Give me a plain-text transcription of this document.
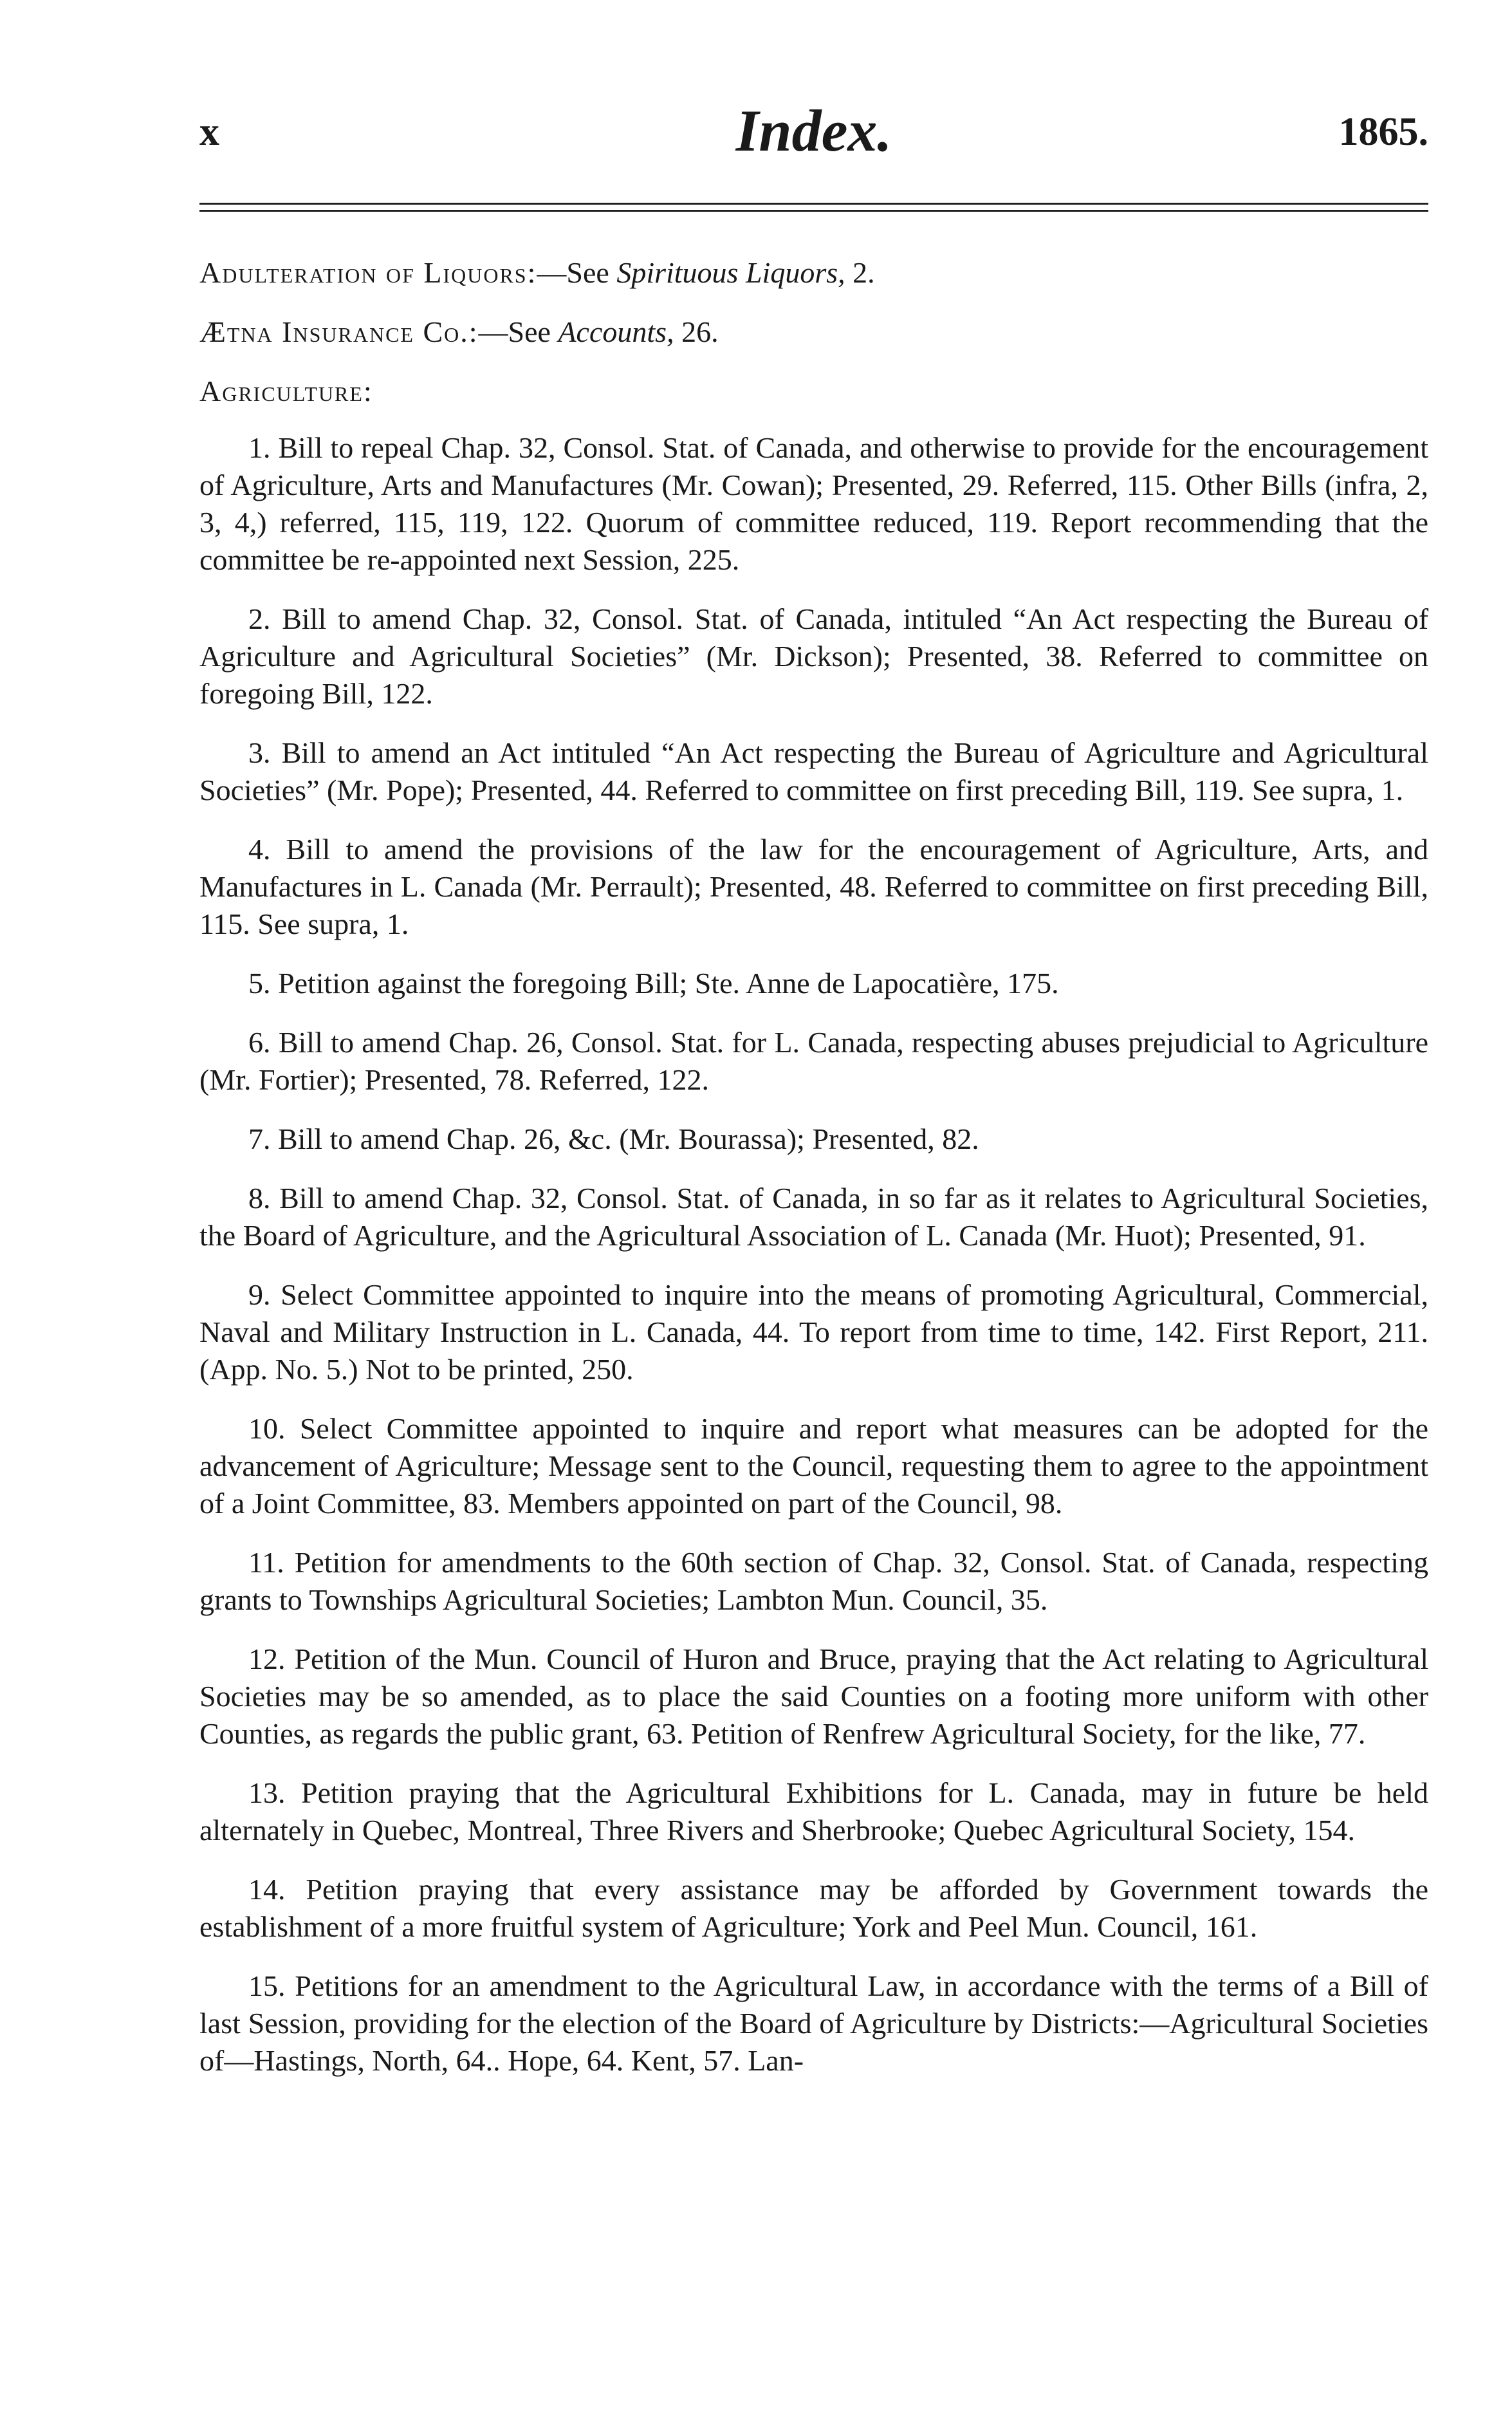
x	Index.	1865.

Adulteration of Liquors:—See Spirituous Liquors, 2.

Ætna Insurance Co.:—See Accounts, 26.

Agriculture:

1. Bill to repeal Chap. 32, Consol. Stat. of Canada, and otherwise to provide for the encouragement of Agriculture, Arts and Manufactures (Mr. Cowan); Presented, 29. Referred, 115. Other Bills (infra, 2, 3, 4,) referred, 115, 119, 122. Quorum of committee reduced, 119. Report recommending that the committee be re-appointed next Session, 225.

2. Bill to amend Chap. 32, Consol. Stat. of Canada, intituled “An Act respecting the Bureau of Agriculture and Agricultural Societies” (Mr. Dickson); Presented, 38. Referred to committee on foregoing Bill, 122.

3. Bill to amend an Act intituled “An Act respecting the Bureau of Agriculture and Agricultural Societies” (Mr. Pope); Presented, 44. Referred to committee on first preceding Bill, 119. See supra, 1.

4. Bill to amend the provisions of the law for the encouragement of Agriculture, Arts, and Manufactures in L. Canada (Mr. Perrault); Presented, 48. Referred to committee on first preceding Bill, 115. See supra, 1.

5. Petition against the foregoing Bill; Ste. Anne de Lapocatière, 175.

6. Bill to amend Chap. 26, Consol. Stat. for L. Canada, respecting abuses prejudicial to Agriculture (Mr. Fortier); Presented, 78. Referred, 122.

7. Bill to amend Chap. 26, &c. (Mr. Bourassa); Presented, 82.

8. Bill to amend Chap. 32, Consol. Stat. of Canada, in so far as it relates to Agricultural Societies, the Board of Agriculture, and the Agricultural Association of L. Canada (Mr. Huot); Presented, 91.

9. Select Committee appointed to inquire into the means of promoting Agricultural, Commercial, Naval and Military Instruction in L. Canada, 44. To report from time to time, 142. First Report, 211. (App. No. 5.) Not to be printed, 250.

10. Select Committee appointed to inquire and report what measures can be adopted for the advancement of Agriculture; Message sent to the Council, requesting them to agree to the appointment of a Joint Committee, 83. Members appointed on part of the Council, 98.

11. Petition for amendments to the 60th section of Chap. 32, Consol. Stat. of Canada, respecting grants to Townships Agricultural Societies; Lambton Mun. Council, 35.

12. Petition of the Mun. Council of Huron and Bruce, praying that the Act relating to Agricultural Societies may be so amended, as to place the said Counties on a footing more uniform with other Counties, as regards the public grant, 63. Petition of Renfrew Agricultural Society, for the like, 77.

13. Petition praying that the Agricultural Exhibitions for L. Canada, may in future be held alternately in Quebec, Montreal, Three Rivers and Sherbrooke; Quebec Agricultural Society, 154.

14. Petition praying that every assistance may be afforded by Government towards the establishment of a more fruitful system of Agriculture; York and Peel Mun. Council, 161.

15. Petitions for an amendment to the Agricultural Law, in accordance with the terms of a Bill of last Session, providing for the election of the Board of Agriculture by Districts:—Agricultural Societies of—Hastings, North, 64.. Hope, 64. Kent, 57. Lan-
